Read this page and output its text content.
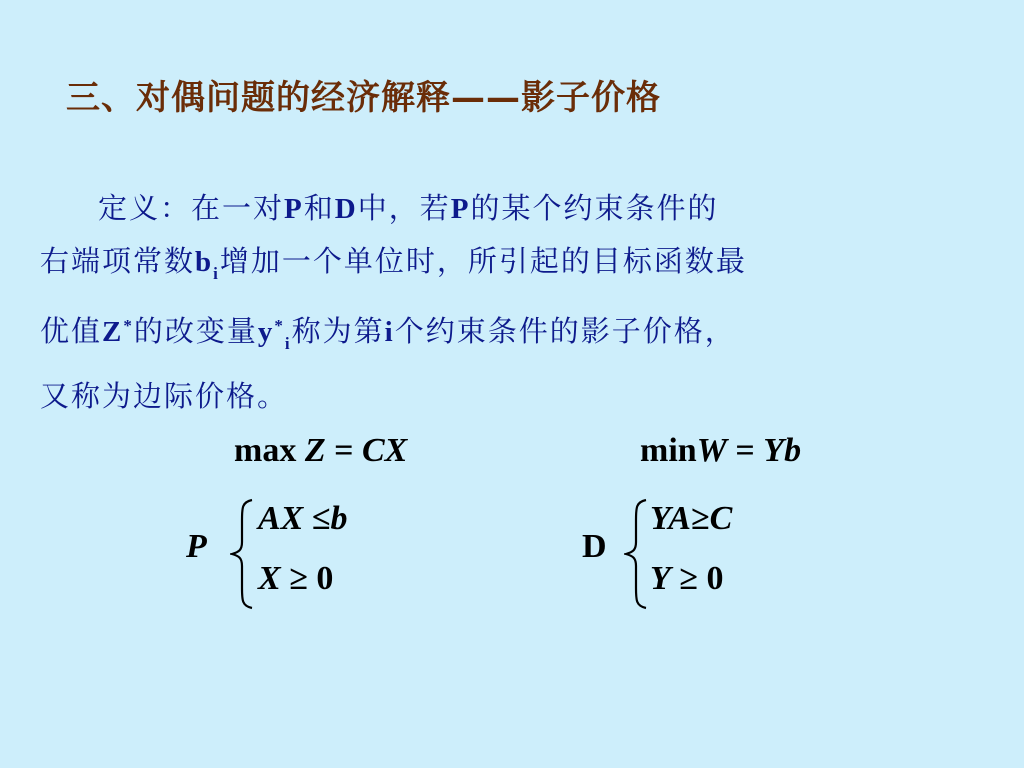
三、对偶问题的经济解释——影子价格
定义：在一对P和D中，若P的某个约束条件的
右端项常数$b_i$增加一个单位时，所引起的目标函数最
优值Z*的改变量$y^*_i$称为第i个约束条件的影子价格，
又称为边际价格。
max Z = CX	minW = Yb
P
AX ≤b
X ≥ 0
D
YA≥C
Y ≥ 0
